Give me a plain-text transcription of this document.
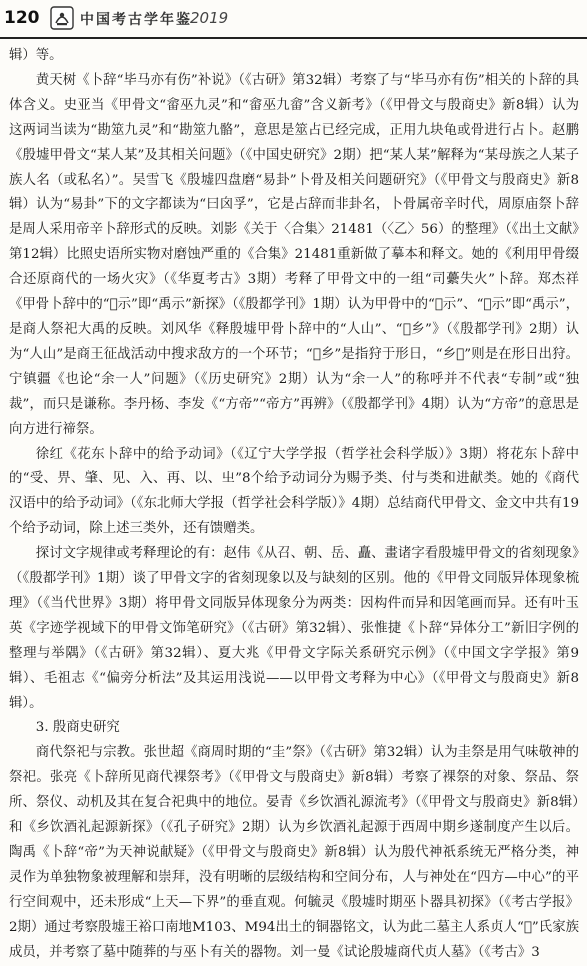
120	中国考古学年鉴
2019

辑）等。

黄天树《卜辞“毕马亦有伤”补说》（《古研》第32辑）考察了与“毕马亦有伤”相关的卜辞的具体含义。史亚当《甲骨文“畲巫九灵”和“畲巫九畲”含义新考》（《甲骨文与殷商史》新8辑）认为这两词当读为“勘筮九灵”和“勘筮九骼”，意思是筮占已经完成，正用九块龟或骨进行占卜。赵鹏《殷墟甲骨文“某人某”及其相关问题》（《中国史研究》2期）把“某人某”解释为“某母族之人某子族人名（或私名）”。吴雪飞《殷墟四盘磨“易卦”卜骨及相关问题研究》（《甲骨文与殷商史》新8辑）认为“易卦”下的文字都读为“曰囟孚”，它是占辞而非卦名，卜骨属帝辛时代，周原庙祭卜辞是周人采用帝辛卜辞形式的反映。刘影《关于〈合集〉21481（〈乙〉56）的整理》（《出土文献》第12辑）比照史语所实物对磨蚀严重的《合集》21481重新做了摹本和释文。她的《利用甲骨缀合还原商代的一场火灾》（《华夏考古》3期）考释了甲骨文中的一组“司虆失火”卜辞。郑杰祥《甲骨卜辞中的“𬎢示”即“禹示”新探》（《殷都学刊》1期）认为甲骨中的“𬎢示”、“𬎢示”即“禹示”，是商人祭祀大禹的反映。刘风华《释殷墟甲骨卜辞中的“人山”、“𤞞乡”》（《殷都学刊》2期）认为“人山”是商王征战活动中搜求敌方的一个环节；“𤞞乡”是指狩于形日，“乡𤞞”则是在形日出狩。宁镇疆《也论“余一人”问题》（《历史研究》2期）认为“余一人”的称呼并不代表“专制”或“独裁”，而只是谦称。李丹杨、李发《“方帝”“帝方”再辨》（《殷都学刊》4期）认为“方帝”的意思是向方进行禘祭。

徐红《花东卜辞中的给予动词》（《辽宁大学学报（哲学社会科学版）》3期）将花东卜辞中的“受、畀、肇、见、入、再、以、㞢”8个给予动词分为赐予类、付与类和进献类。她的《商代汉语中的给予动词》（《东北师大学报（哲学社会科学版）》4期）总结商代甲骨文、金文中共有19个给予动词，除上述三类外，还有馈赠类。

探讨文字规律或考释理论的有：赵伟《从召、朝、岳、矗、畫诸字看殷墟甲骨文的省刻现象》（《殷都学刊》1期）谈了甲骨文字的省刻现象以及与缺刻的区别。他的《甲骨文同版异体现象梳理》（《当代世界》3期）将甲骨文同版异体现象分为两类：因构件而异和因笔画而异。还有叶玉英《字迹学视域下的甲骨文饰笔研究》（《古研》第32辑）、张惟捷《卜辞“异体分工”新旧字例的整理与举隅》（《古研》第32辑）、夏大兆《甲骨文字际关系研究示例》（《中国文字学报》第9辑）、毛祖志《“偏旁分析法”及其运用浅说——以甲骨文考释为中心》（《甲骨文与殷商史》新8辑）。

3. 殷商史研究

商代祭祀与宗教。张世超《商周时期的“圭”祭》（《古研》第32辑）认为圭祭是用气味敬神的祭祀。张亮《卜辞所见商代裸祭考》（《甲骨文与殷商史》新8辑）考察了裸祭的对象、祭品、祭所、祭仪、动机及其在复合祀典中的地位。晏青《乡饮酒礼源流考》（《甲骨文与殷商史》新8辑）和《乡饮酒礼起源新探》（《孔子研究》2期）认为乡饮酒礼起源于西周中期乡遂制度产生以后。陶禹《卜辞“帝”为天神说献疑》（《甲骨文与殷商史》新8辑）认为殷代神祇系统无严格分类，神灵作为单独物象被理解和崇拜，没有明晰的层级结构和空间分布，人与神处在“四方—中心”的平行空间观中，还未形成“上天—下界”的垂直观。何毓灵《殷墟时期巫卜器具初探》（《考古学报》2期）通过考察殷墟王裕口南地M103、M94出土的铜器铭文，认为此二墓主人系贞人“𠯮”氏家族成员，并考察了墓中随葬的与巫卜有关的器物。刘一曼《试论殷墟商代贞人墓》（《考古》3
